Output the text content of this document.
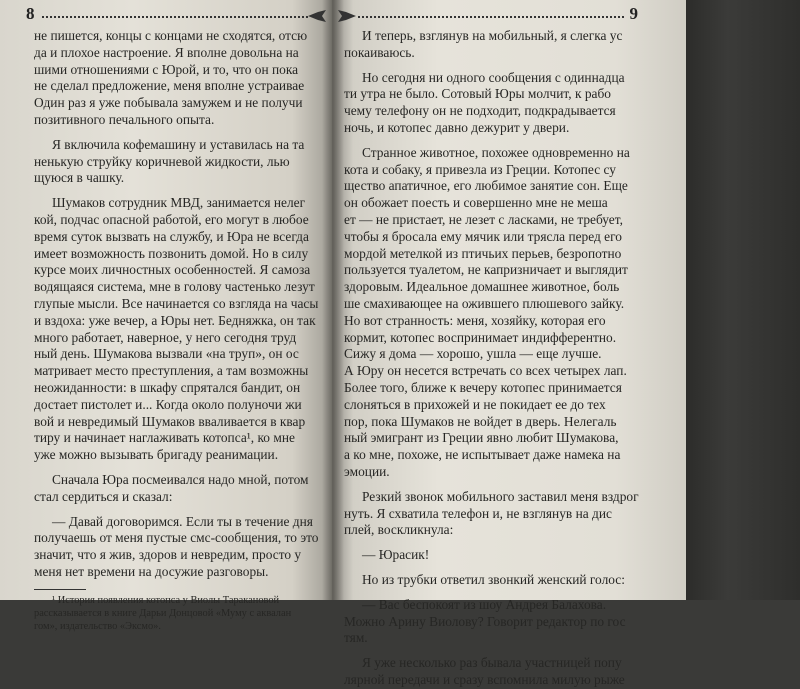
8	9

не пишется, концы с концами не сходятся, отсю

да и плохое настроение. Я вполне довольна на

шими отношениями с Юрой, и то, что он пока

не сделал предложение, меня вполне устраивае

Один раз я уже побывала замужем и не получи

позитивного печального опыта.

Я включила кофемашину и уставилась на та

ненькую струйку коричневой жидкости, лью

щуюся в чашку.

Шумаков сотрудник МВД, занимается нелег

кой, подчас опасной работой, его могут в любое

время суток вызвать на службу, и Юра не всегда

имеет возможность позвонить домой. Но в силу

курсе моих личностных особенностей. Я самоза

водящаяся система, мне в голову частенько лезут

глупые мысли. Все начинается со взгляда на часы

и вздоха: уже вечер, а Юры нет. Бедняжка, он так

много работает, наверное, у него сегодня труд

ный день. Шумакова вызвали «на труп», он ос

матривает место преступления, а там возможны

неожиданности: в шкафу спрятался бандит, он

достает пистолет и... Когда около полуночи жи

вой и невредимый Шумаков вваливается в квар

тиру и начинает наглаживать котопса¹, ко мне

уже можно вызывать бригаду реанимации.

Сначала Юра посмеивался надо мной, потом

стал сердиться и сказал:

— Давай договоримся. Если ты в течение дня

получаешь от меня пустые смс-сообщения, то это

значит, что я жив, здоров и невредим, просто у

меня нет времени на досужие разговоры.

¹ История появления котопса у Виолы Таракановой

рассказывается в книге Дарьи Донцовой «Муму с аквалан

гом», издательство «Эксмо».

И теперь, взглянув на мобильный, я слегка ус

покаиваюсь.

Но сегодня ни одного сообщения с одиннадца

ти утра не было. Сотовый Юры молчит, к рабо

чему телефону он не подходит, подкрадывается

ночь, и котопес давно дежурит у двери.

Странное животное, похожее одновременно на

кота и собаку, я привезла из Греции. Котопес су

щество апатичное, его любимое занятие сон. Еще

он обожает поесть и совершенно мне не меша

ет — не пристает, не лезет с ласками, не требует,

чтобы я бросала ему мячик или трясла перед его

мордой метелкой из птичьих перьев, безропотно

пользуется туалетом, не капризничает и выглядит

здоровым. Идеальное домашнее животное, боль

ше смахивающее на ожившего плюшевого зайку.

Но вот странность: меня, хозяйку, которая его

кормит, котопес воспринимает индифферентно.

Сижу я дома — хорошо, ушла — еще лучше.

А Юру он несется встречать со всех четырех лап.

Более того, ближе к вечеру котопес принимается

слоняться в прихожей и не покидает ее до тех

пор, пока Шумаков не войдет в дверь. Нелегаль

ный эмигрант из Греции явно любит Шумакова,

а ко мне, похоже, не испытывает даже намека на

эмоции.

Резкий звонок мобильного заставил меня вздрог

нуть. Я схватила телефон и, не взглянув на дис

плей, воскликнула:

— Юрасик!

Но из трубки ответил звонкий женский голос:

— Вас беспокоят из шоу Андрея Балахова.

Можно Арину Виолову? Говорит редактор по гос

тям.

Я уже несколько раз бывала участницей попу

лярной передачи и сразу вспомнила милую рыже
